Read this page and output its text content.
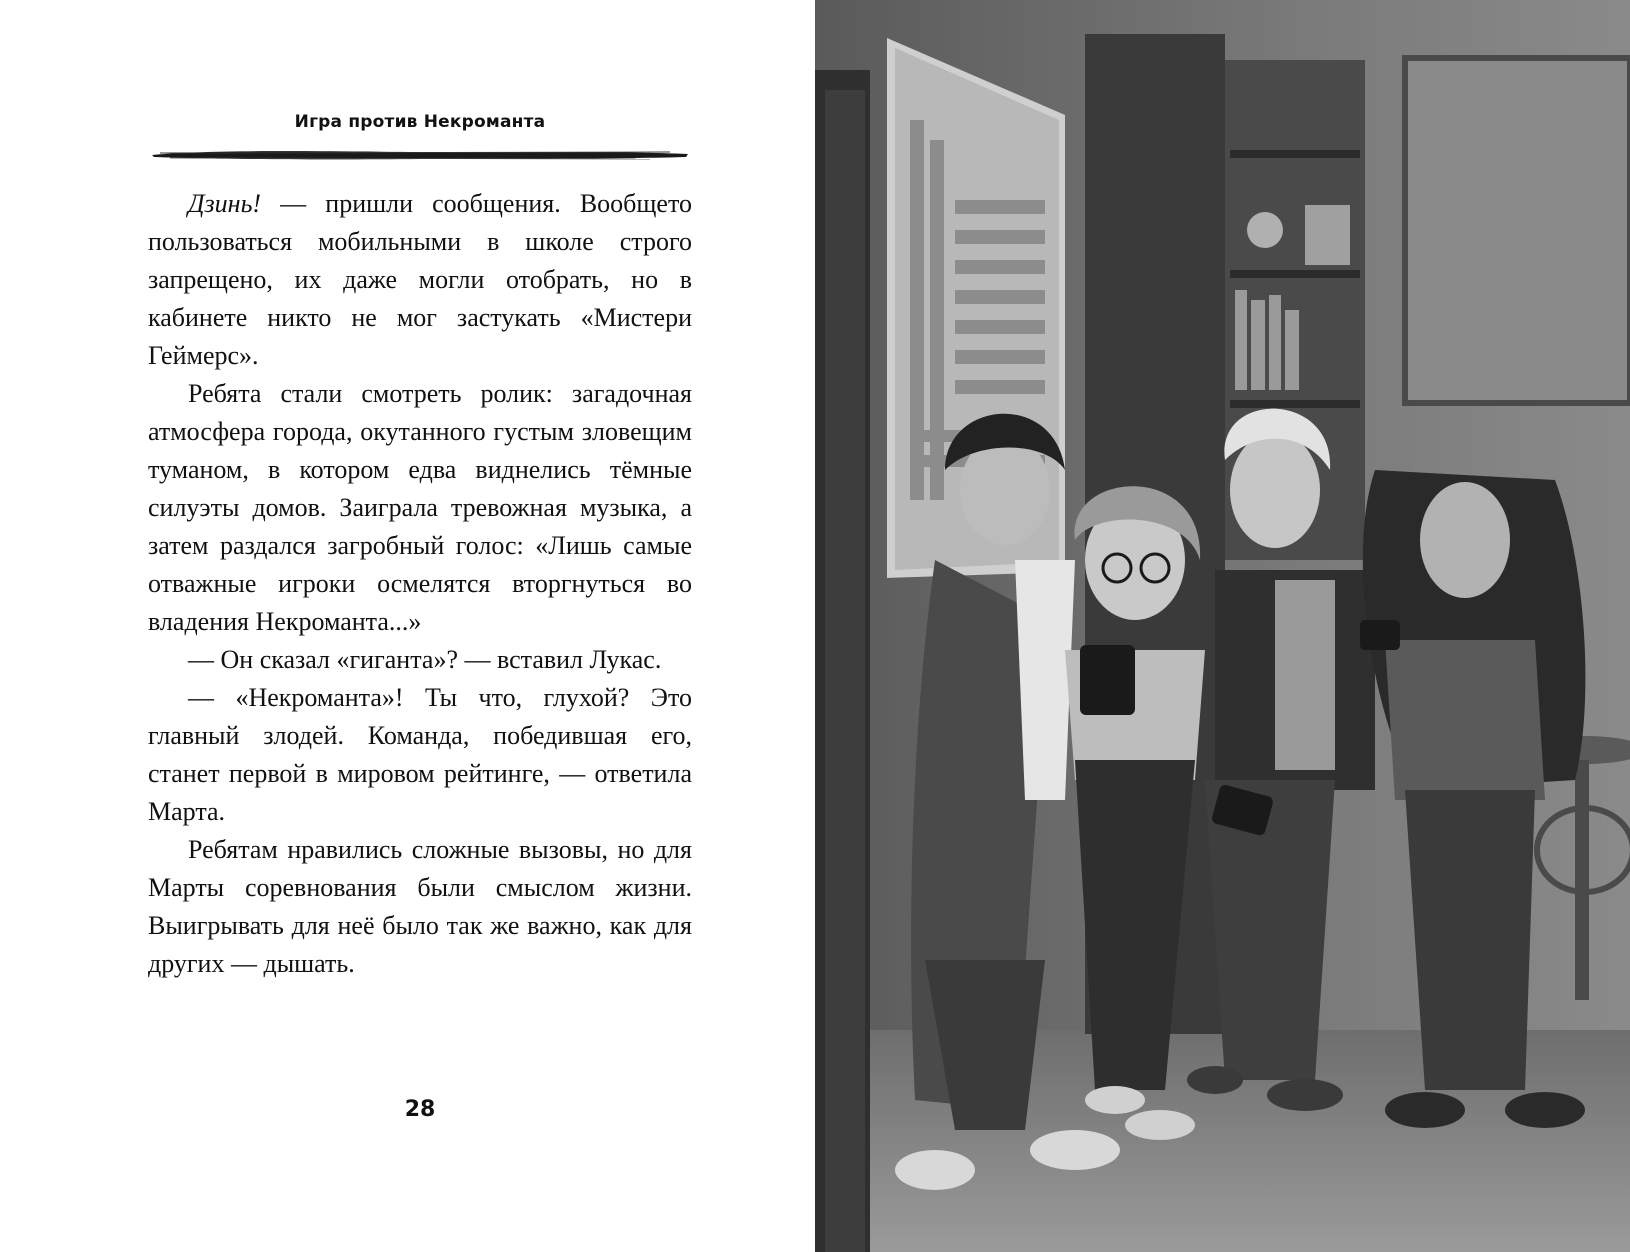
Игра против Некроманта

Дзинь! — пришли сообщения. Вообщето пользоваться мобильными в школе строго запрещено, их даже могли отобрать, но в кабинете никто не мог застукать «Мистери Геймерс».

Ребята стали смотреть ролик: загадочная атмосфера города, окутанного густым зловещим туманом, в котором едва виднелись тёмные силуэты домов. Заиграла тревожная музыка, а затем раздался загробный голос: «Лишь самые отважные игроки осмелятся вторгнуться во владения Некроманта...»

— Он сказал «гиганта»? — вставил Лукас.

— «Некроманта»! Ты что, глухой? Это главный злодей. Команда, победившая его, станет первой в мировом рейтинге, — ответила Марта.

Ребятам нравились сложные вызовы, но для Марты соревнования были смыслом жизни. Выигрывать для неё было так же важно, как для других — дышать.

28
